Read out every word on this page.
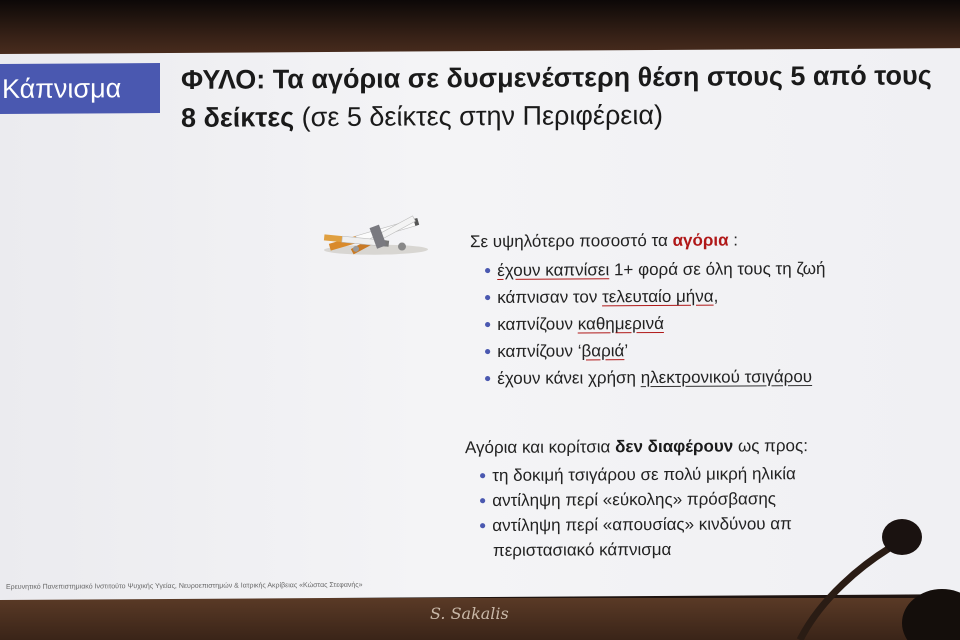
Κάπνισμα	ΦΥΛΟ: Τα αγόρια σε δυσμενέστερη θέση στους 5 από τους 8 δείκτες (σε 5 δείκτες στην Περιφέρεια)
Σε υψηλότερο ποσοστό τα αγόρια :
● έχουν καπνίσει 1+ φορά σε όλη τους τη ζωή
● κάπνισαν τον τελευταίο μήνα,
● καπνίζουν καθημερινά
● καπνίζουν ‘βαριά’
● έχουν κάνει χρήση ηλεκτρονικού τσιγάρου
Αγόρια και κορίτσια δεν διαφέρουν ως προς:
● τη δοκιμή τσιγάρου σε πολύ μικρή ηλικία
● αντίληψη περί «εύκολης» πρόσβασης
● αντίληψη περί «απουσίας» κινδύνου απ
περιστασιακό κάπνισμα
Ερευνητικό Πανεπιστημιακό Ινστιτούτο Ψυχικής Υγείας, Νευροεπιστημών & Ιατρικής Ακρίβειας «Κώστας Στεφανής»
S. Sakalis
